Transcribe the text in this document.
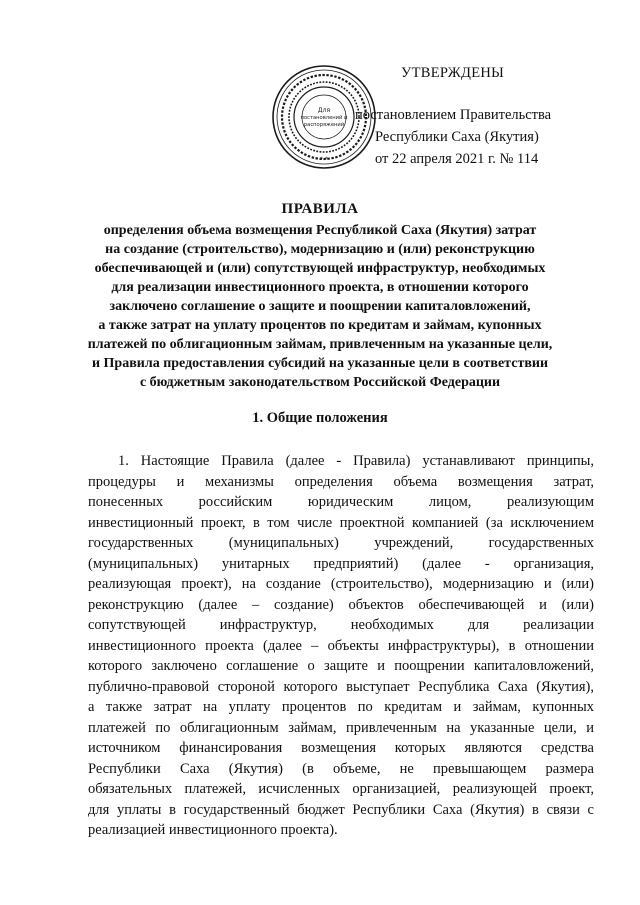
УТВЕРЖДЕНЫ
постановлением Правительства
Республики Саха (Якутия)
от 22 апреля 2021 г. № 114
* *
Для
постановлений и
распоряжений
ПРАВИЛА
определения объема возмещения Республикой Саха (Якутия) затрат
на создание (строительство), модернизацию и (или) реконструкцию
обеспечивающей и (или) сопутствующей инфраструктур, необходимых
для реализации инвестиционного проекта, в отношении которого
заключено соглашение о защите и поощрении капиталовложений,
а также затрат на уплату процентов по кредитам и займам, купонных
платежей по облигационным займам, привлеченным на указанные цели,
и Правила предоставления субсидий на указанные цели в соответствии
с бюджетным законодательством Российской Федерации
1. Общие положения
1. Настоящие Правила (далее - Правила) устанавливают принципы,
процедуры и механизмы определения объема возмещения затрат,
понесенных российским юридическим лицом, реализующим
инвестиционный проект, в том числе проектной компанией (за исключением
государственных (муниципальных) учреждений, государственных
(муниципальных) унитарных предприятий) (далее - организация,
реализующая проект), на создание (строительство), модернизацию и (или)
реконструкцию (далее – создание) объектов обеспечивающей и (или)
сопутствующей инфраструктур, необходимых для реализации
инвестиционного проекта (далее – объекты инфраструктуры), в отношении
которого заключено соглашение о защите и поощрении капиталовложений,
публично-правовой стороной которого выступает Республика Саха (Якутия),
а также затрат на уплату процентов по кредитам и займам, купонных
платежей по облигационным займам, привлеченным на указанные цели, и
источником финансирования возмещения которых являются средства
Республики Саха (Якутия) (в объеме, не превышающем размера
обязательных платежей, исчисленных организацией, реализующей проект,
для уплаты в государственный бюджет Республики Саха (Якутия) в связи с
реализацией инвестиционного проекта).
